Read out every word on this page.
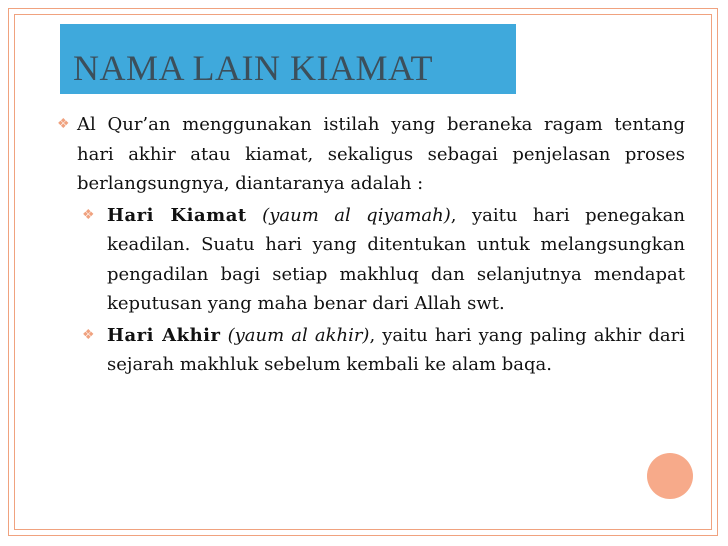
NAMA LAIN KIAMAT
❖ Al Qur’an menggunakan istilah yang beraneka ragam tentang hari akhir atau kiamat, sekaligus sebagai penjelasan proses berlangsungnya, diantaranya adalah :
❖ Hari Kiamat (yaum al qiyamah), yaitu hari penegakan keadilan. Suatu hari yang ditentukan untuk melangsungkan pengadilan bagi setiap makhluq dan selanjutnya mendapat keputusan yang maha benar dari Allah swt.
❖ Hari Akhir (yaum al akhir), yaitu hari yang paling akhir dari sejarah makhluk sebelum kembali ke alam baqa.
